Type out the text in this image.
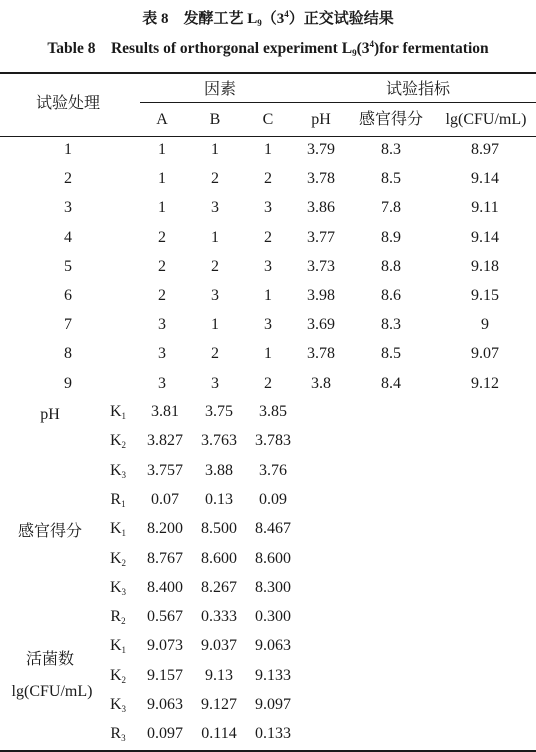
表 8　发酵工艺 $L_9(3^4)$正交试验结果
Table 8　Results of orthorgonal experiment $L_9(3^4)for$ fermentation
试验处理
因素	试验指标
A	B	C	pH	感官得分	lg(CFU/mL)
1	1	1	1	3.79	8.3	8.97
2	1	2	2	3.78	8.5	9.14
3	1	3	3	3.86	7.8	9.11
4	2	1	2	3.77	8.9	9.14
5	2	2	3	3.73	8.8	9.18
6	2	3	1	3.98	8.6	9.15
7	3	1	3	3.69	8.3	9
8	3	2	1	3.78	8.5	9.07
9	3	3	2	3.8	8.4	9.12
pH	$K_1$	3.81	3.75	3.85
$K_2$	3.827	3.763	3.783
$K_3$	3.757	3.88	3.76
$R_1$	0.07	0.13	0.09
感官得分	$K_1$	8.200	8.500	8.467
$K_2$	8.767	8.600	8.600
$K_3$	8.400	8.267	8.300
$R_2$	0.567	0.333	0.300
活菌数
lg(CFU/mL)
$K_1$	9.073	9.037	9.063
$K_2$	9.157	9.13	9.133
$K_3$	9.063	9.127	9.097
$R_3$	0.097	0.114	0.133
